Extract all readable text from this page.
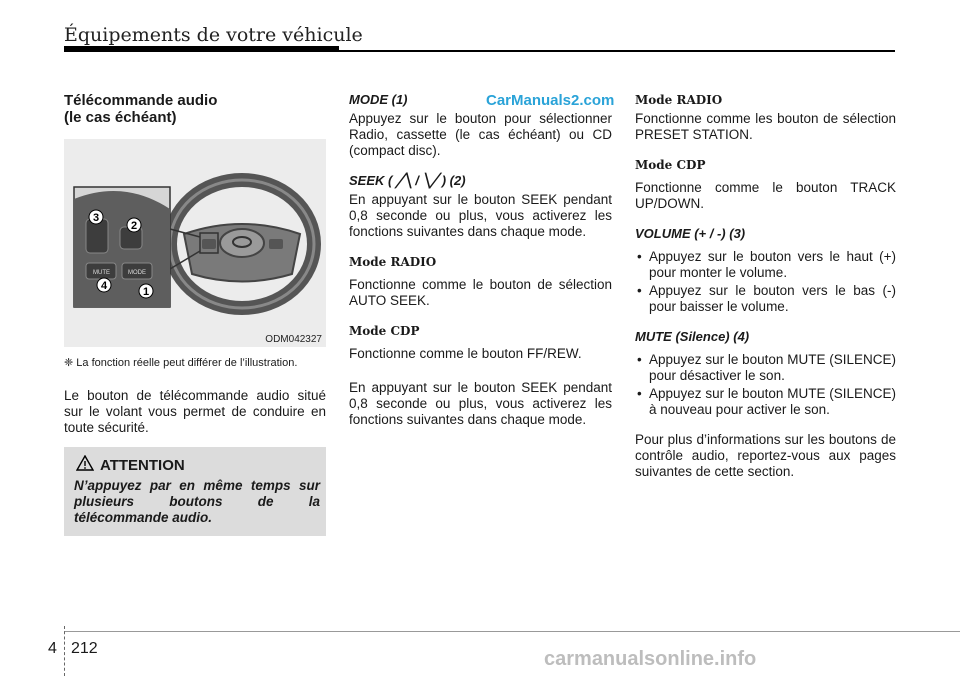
Équipements de votre véhicule
CarManuals2.com
Télécommande audio
(le cas échéant)
3
2
4	1
MUTE	MODE
ODM042327
❈ La fonction réelle peut différer de l’illustration.

Le bouton de télécommande audio situé sur le volant vous permet de conduire en toute sécurité.

ATTENTION
N’appuyez par en même temps sur plusieurs boutons de la télécommande audio.
MODE (1)

Appuyez sur le bouton pour sélectionner Radio, cassette (le cas échéant) ou CD (compact disc).

SEEK ( ╱╲ / ╲╱ ) (2)

En appuyant sur le bouton SEEK pendant 0,8 seconde ou plus, vous activerez les fonctions suivantes dans chaque mode.

Mode RADIO

Fonctionne comme le bouton de sélection AUTO SEEK.

Mode CDP

Fonctionne comme le bouton FF/REW.

En appuyant sur le bouton SEEK pendant 0,8 seconde ou plus, vous activerez les fonctions suivantes dans chaque mode.

Mode RADIO

Fonctionne comme les bouton de sélection PRESET STATION.

Mode CDP

Fonctionne comme le bouton TRACK UP/DOWN.

VOLUME (+ / -) (3)
• Appuyez sur le bouton vers le haut (+) pour monter le volume.
• Appuyez sur le bouton vers le bas (-) pour baisser le volume.
MUTE (Silence) (4)
• Appuyez sur le bouton MUTE (SILENCE) pour désactiver le son.
• Appuyez sur le bouton MUTE (SILENCE) à nouveau pour activer le son.

Pour plus d’informations sur les boutons de contrôle audio, reportez-vous aux pages suivantes de cette section.

4 212	carmanualsonline.info
